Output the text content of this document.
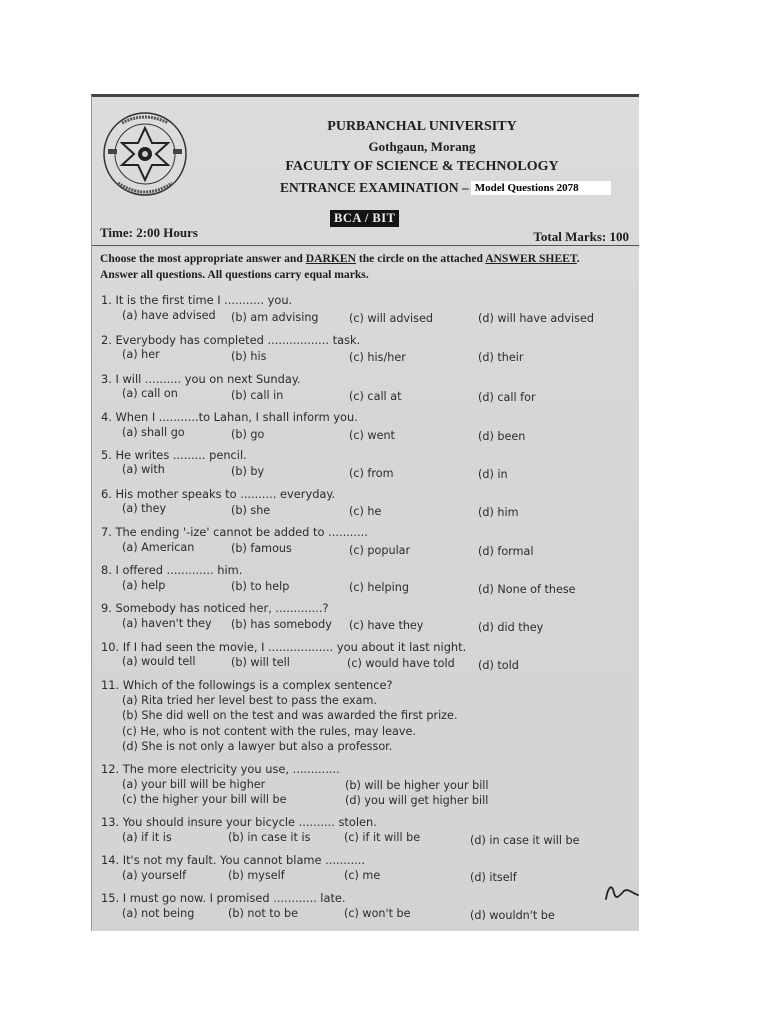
PURBANCHAL UNIVERSITY
Gothgaun, Morang
FACULTY OF SCIENCE & TECHNOLOGY
ENTRANCE EXAMINATION – Model Questions 2078
BCA / BIT
Time: 2:00 Hours	Total Marks: 100
Choose the most appropriate answer and DARKEN the circle on the attached ANSWER SHEET.
Answer all questions. All questions carry equal marks.
1. It is the first time I ........... you.
(a) have advised (b) am advising	(c) will advised	(d) will have advised
2. Everybody has completed ................. task.
(a) her	(b) his	(c) his/her	(d) their
3. I will .......... you on next Sunday.
(a) call on	(b) call in	(c) call at	(d) call for
4. When I ...........to Lahan, I shall inform you.
(a) shall go	(b) go	(c) went	(d) been
5. He writes ......... pencil.
(a) with	(b) by	(c) from	(d) in
6. His mother speaks to .......... everyday.
(a) they	(b) she	(c) he	(d) him
7. The ending '-ize' cannot be added to ...........
(a) American	(b) famous	(c) popular	(d) formal
8. I offered ............. him.
(a) help	(b) to help	(c) helping	(d) None of these
9. Somebody has noticed her, .............?
(a) haven't they (b) has somebody (c) have they	(d) did they
10. If I had seen the movie, I .................. you about it last night.
(a) would tell	(b) will tell	(c) would have told (d) told
11. Which of the followings is a complex sentence?
(a) Rita tried her level best to pass the exam.
(b) She did well on the test and was awarded the first prize.
(c) He, who is not content with the rules, may leave.
(d) She is not only a lawyer but also a professor.
12. The more electricity you use, .............
(a) your bill will be higher	(b) will be higher your bill
(c) the higher your bill will be	(d) you will get higher bill
13. You should insure your bicycle .......... stolen.
(a) if it is	(b) in case it is	(c) if it will be	(d) in case it will be
14. It's not my fault. You cannot blame ...........
(a) yourself	(b) myself	(c) me	(d) itself
15. I must go now. I promised ............ late.
(a) not being	(b) not to be	(c) won't be	(d) wouldn't be
